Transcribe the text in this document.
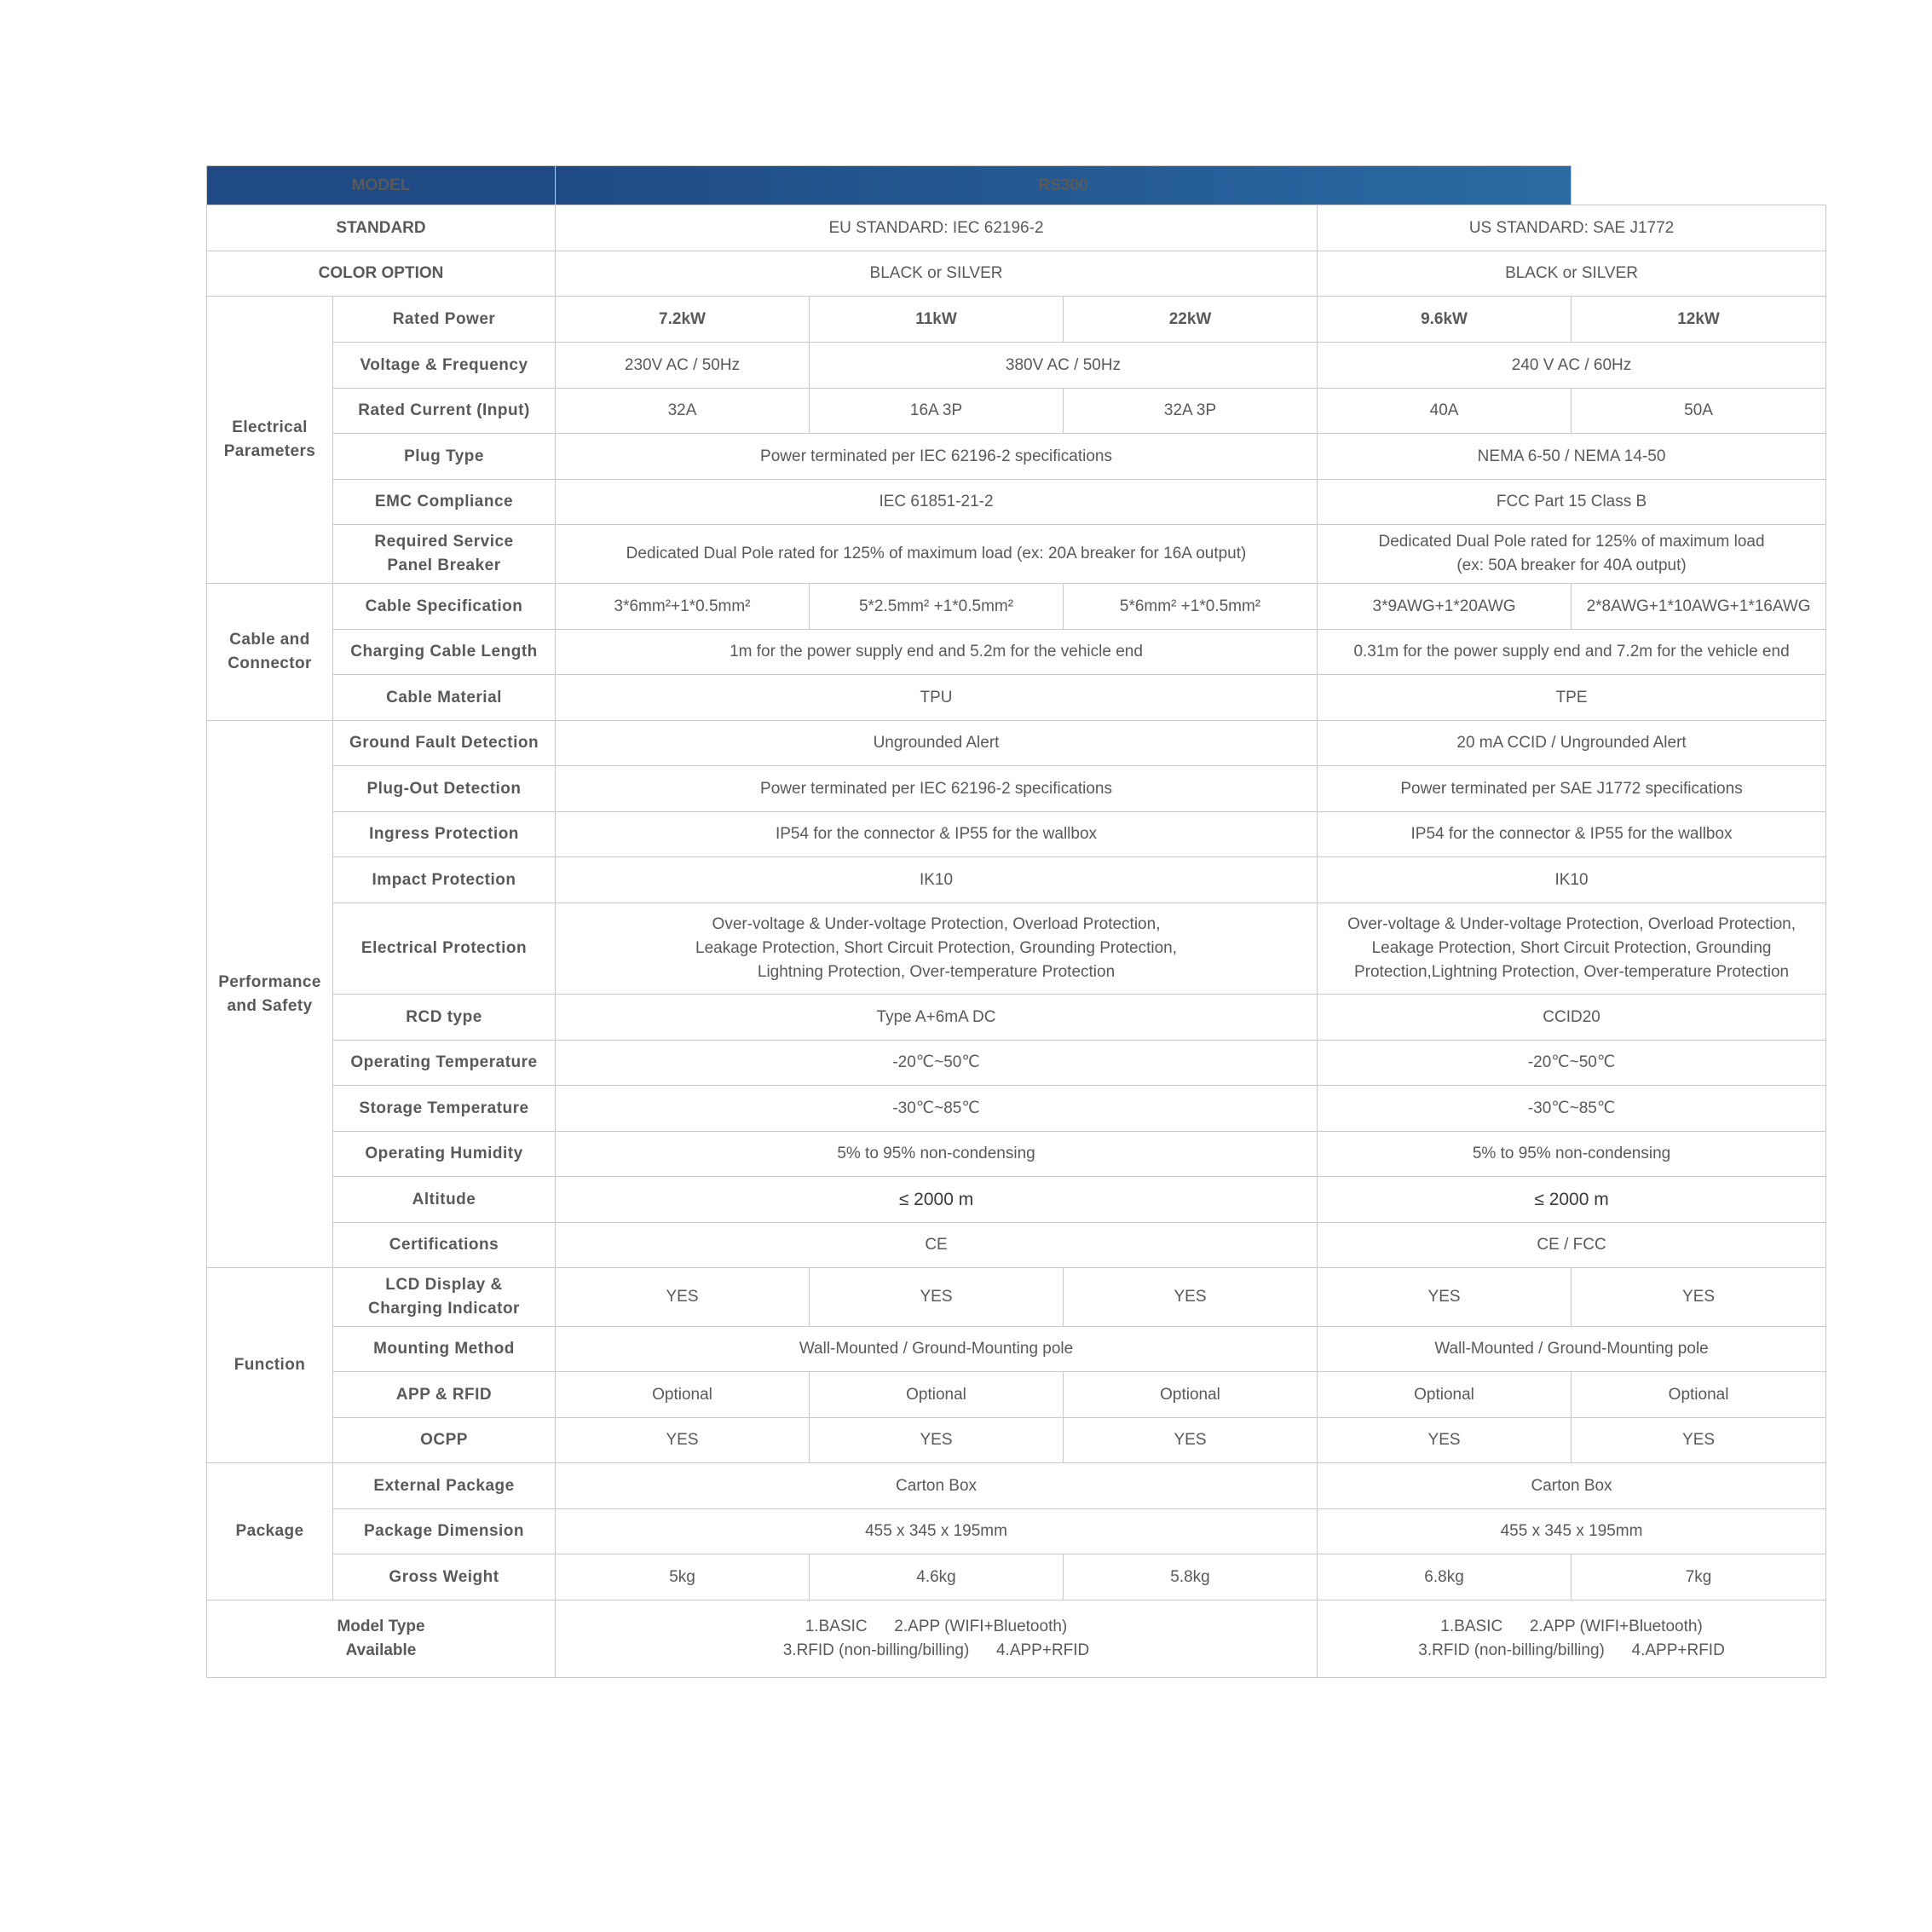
MODEL		RS300				
STANDARD		EU STANDARD: IEC 62196-2			US STANDARD: SAE J1772	
COLOR OPTION		BLACK or SILVER			BLACK or SILVER	

Electrical
Parameters	Rated Power	7.2kW	11kW	22kW	9.6kW	12kW
	Voltage & Frequency	230V AC / 50Hz	380V AC / 50Hz		240 V AC / 60Hz	
	Rated Current (Input)	32A	16A 3P	32A 3P	40A	50A
	Plug Type	Power terminated per IEC 62196-2 specifications			NEMA 6-50 / NEMA 14-50	
	EMC Compliance	IEC 61851-21-2			FCC Part 15 Class B	

	Required Service
Panel Breaker	Dedicated Dual Pole rated for 125% of maximum load (ex: 20A breaker for 16A output)			Dedicated Dual Pole rated for 125% of maximum load
(ex: 50A breaker for 40A output)	

Cable and
Connector	Cable Specification	3*6mm²+1*0.5mm²	5*2.5mm² +1*0.5mm²	5*6mm² +1*0.5mm²	3*9AWG+1*20AWG	2*8AWG+1*10AWG+1*16AWG
	Charging Cable Length	1m for the power supply end and 5.2m for the vehicle end			0.31m for the power supply end and 7.2m for the vehicle end	
	Cable Material	TPU			TPE	

Performance
and Safety	Ground Fault Detection	Ungrounded Alert			20 mA CCID / Ungrounded Alert	
	Plug-Out Detection	Power terminated per IEC 62196-2 specifications			Power terminated per SAE J1772 specifications	
	Ingress Protection	IP54 for the connector & IP55 for the wallbox			IP54 for the connector & IP55 for the wallbox	
	Impact Protection	IK10			IK10	
	Electrical Protection	Over-voltage & Under-voltage Protection, Overload Protection,
Leakage Protection, Short Circuit Protection, Grounding Protection,
Lightning Protection, Over-temperature Protection			Over-voltage & Under-voltage Protection, Overload Protection,
Leakage Protection, Short Circuit Protection, Grounding
Protection,Lightning Protection, Over-temperature Protection	

	RCD type	Type A+6mA DC			CCID20	
	Operating Temperature	-20℃~50℃			-20℃~50℃	
	Storage Temperature	-30℃~85℃			-30℃~85℃	
	Operating Humidity	5% to 95% non-condensing			5% to 95% non-condensing	
	Altitude	≤ 2000 m			≤ 2000 m	
	Certifications	CE			CE / FCC	
Function	LCD Display &
Charging Indicator	YES	YES	YES	YES	YES
	Mounting Method	Wall-Mounted / Ground-Mounting pole			Wall-Mounted / Ground-Mounting pole	
	APP & RFID	Optional	Optional	Optional	Optional	Optional
	OCPP	YES	YES	YES	YES	YES
Package	External Package	Carton Box			Carton Box	
	Package Dimension	455 x 345 x 195mm			455 x 345 x 195mm	
	Gross Weight	5kg	4.6kg	5.8kg	6.8kg	7kg

Model Type
Available		1.BASIC      2.APP (WIFI+Bluetooth)
3.RFID (non-billing/billing)      4.APP+RFID			1.BASIC      2.APP (WIFI+Bluetooth)
3.RFID (non-billing/billing)      4.APP+RFID	
